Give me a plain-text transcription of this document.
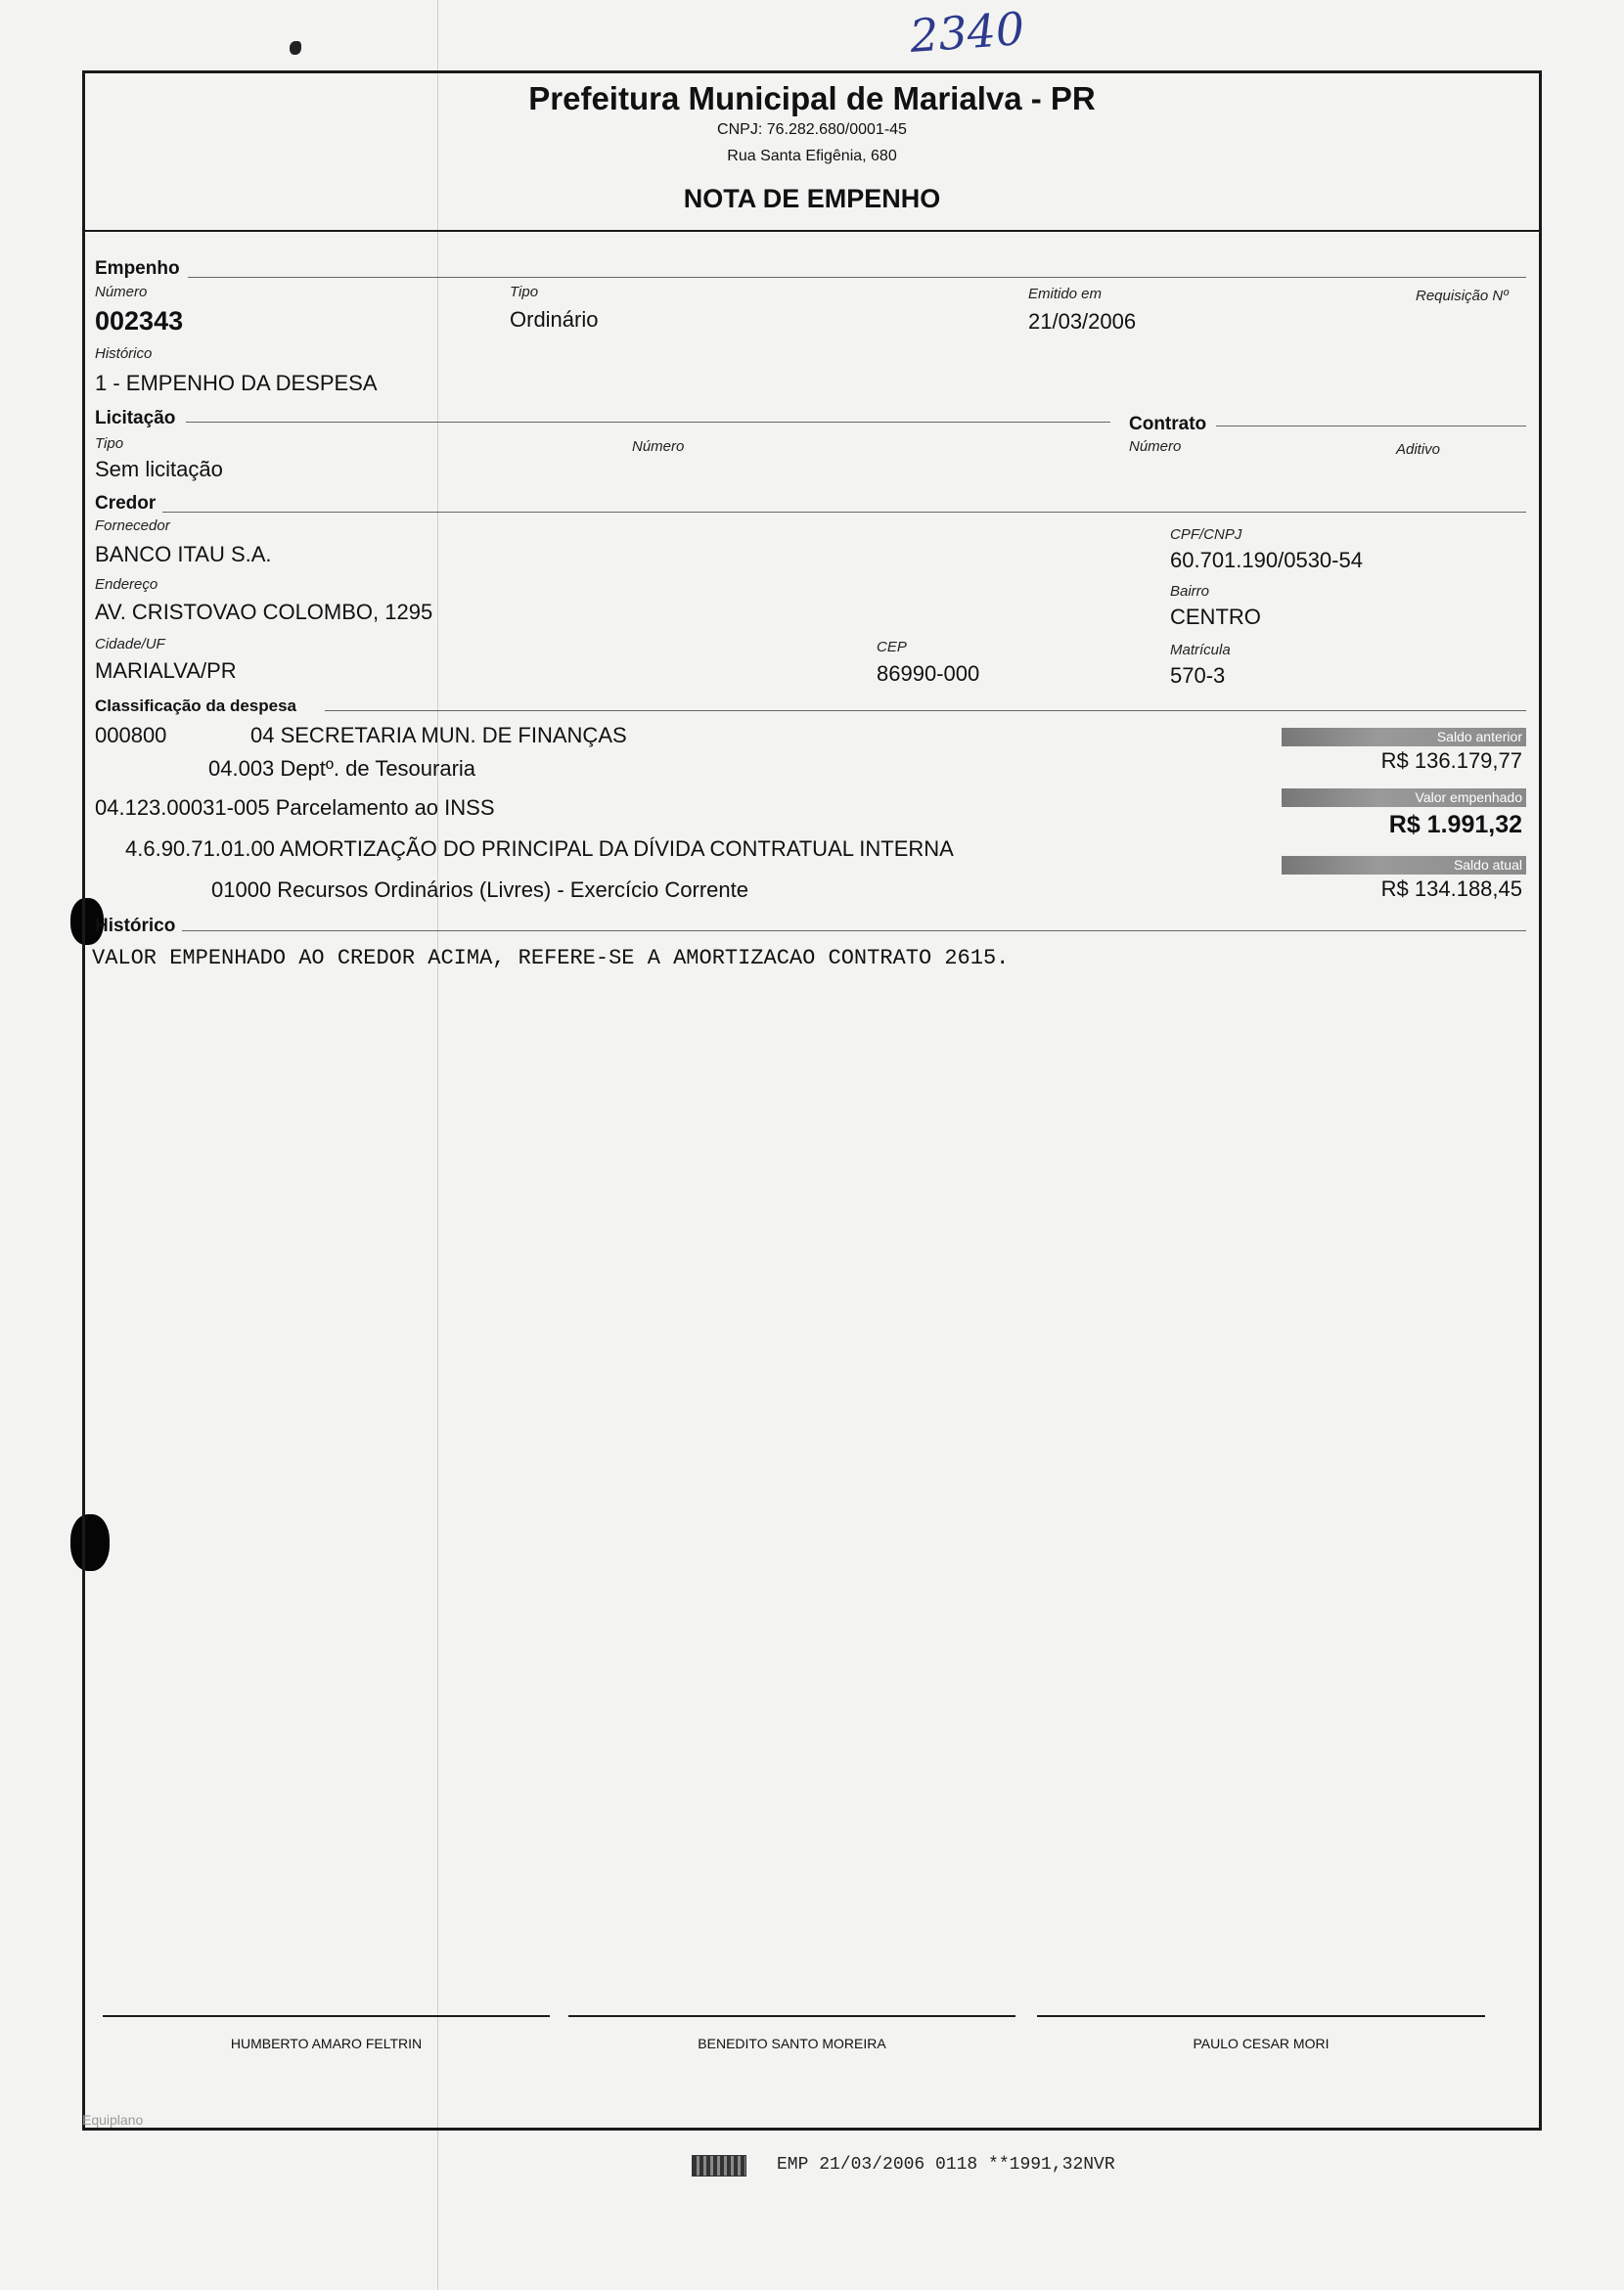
2340
Prefeitura Municipal de Marialva - PR
CNPJ: 76.282.680/0001-45
Rua Santa Efigênia, 680
NOTA DE EMPENHO
Empenho
Número
002343
Tipo
Ordinário
Emitido em
21/03/2006
Requisição Nº
Histórico
1 - EMPENHO DA DESPESA
Licitação
Tipo
Sem licitação
Número
Contrato
Número	Aditivo
Credor
Fornecedor
BANCO ITAU S.A.
CPF/CNPJ
60.701.190/0530-54
Endereço
AV. CRISTOVAO COLOMBO, 1295
Bairro
CENTRO
Cidade/UF
MARIALVA/PR
CEP
86990-000
Matrícula
570-3
Classificação da despesa
000800	04 SECRETARIA MUN. DE FINANÇAS
04.003 Deptº. de Tesouraria
04.123.00031-005 Parcelamento ao INSS
4.6.90.71.01.00 AMORTIZAÇÃO DO PRINCIPAL DA DÍVIDA CONTRATUAL INTERNA
01000 Recursos Ordinários (Livres) - Exercício Corrente
Saldo anterior
R$ 136.179,77
Valor empenhado
R$ 1.991,32
Saldo atual
R$ 134.188,45
Histórico
VALOR EMPENHADO AO CREDOR ACIMA, REFERE-SE A AMORTIZACAO CONTRATO 2615.
HUMBERTO AMARO FELTRIN	BENEDITO SANTO MOREIRA	PAULO CESAR MORI
Equiplano
EMP 21/03/2006 0118 **1991,32NVR
